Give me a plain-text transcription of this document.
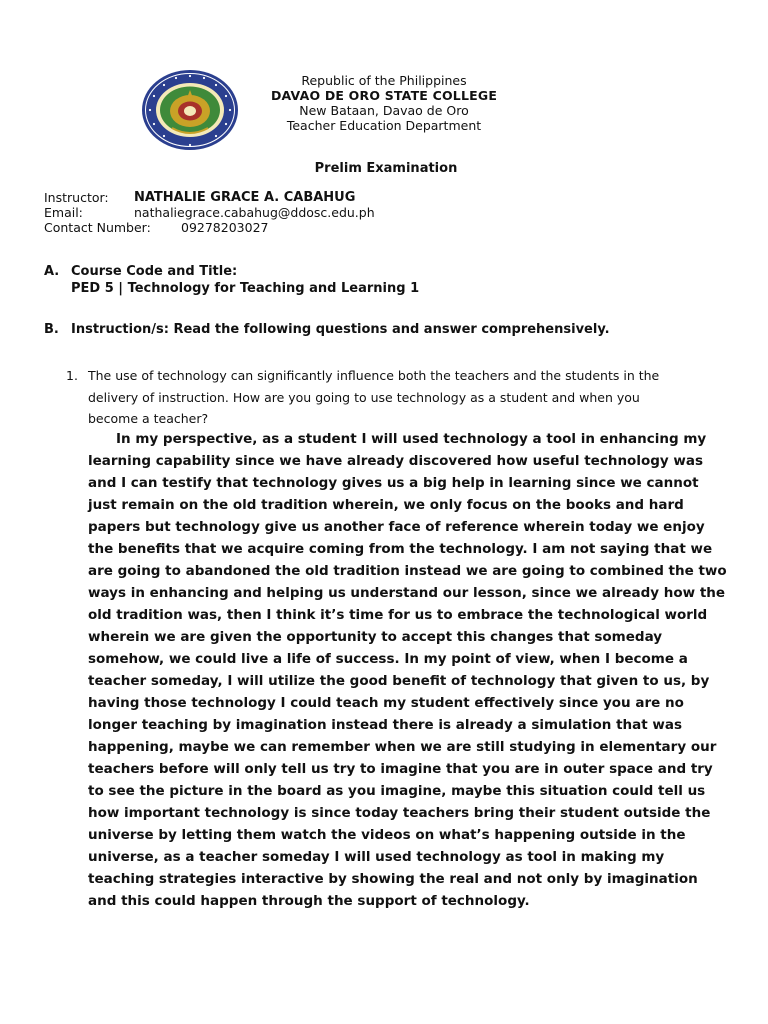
Republic of the Philippines
DAVAO DE ORO STATE COLLEGE
New Bataan, Davao de Oro
Teacher Education Department
Prelim Examination
Instructor: NATHALIE GRACE A. CABAHUG
Email:	nathaliegrace.cabahug@ddosc.edu.ph
Contact Number: 09278203027
A. Course Code and Title:
PED 5 | Technology for Teaching and Learning 1
B. Instruction/s: Read the following questions and answer comprehensively.
1. The use of technology can significantly influence both the teachers and the students in the
delivery of instruction. How are you going to use technology as a student and when you
become a teacher?
In my perspective, as a student I will used technology a tool in enhancing my
learning capability since we have already discovered how useful technology was
and I can testify that technology gives us a big help in learning since we cannot
just remain on the old tradition wherein, we only focus on the books and hard
papers but technology give us another face of reference wherein today we enjoy
the benefits that we acquire coming from the technology. I am not saying that we
are going to abandoned the old tradition instead we are going to combined the two
ways in enhancing and helping us understand our lesson, since we already how the
old tradition was, then I think it’s time for us to embrace the technological world
wherein we are given the opportunity to accept this changes that someday
somehow, we could live a life of success. In my point of view, when I become a
teacher someday, I will utilize the good benefit of technology that given to us, by
having those technology I could teach my student effectively since you are no
longer teaching by imagination instead there is already a simulation that was
happening, maybe we can remember when we are still studying in elementary our
teachers before will only tell us try to imagine that you are in outer space and try
to see the picture in the board as you imagine, maybe this situation could tell us
how important technology is since today teachers bring their student outside the
universe by letting them watch the videos on what’s happening outside in the
universe, as a teacher someday I will used technology as tool in making my
teaching strategies interactive by showing the real and not only by imagination
and this could happen through the support of technology.
